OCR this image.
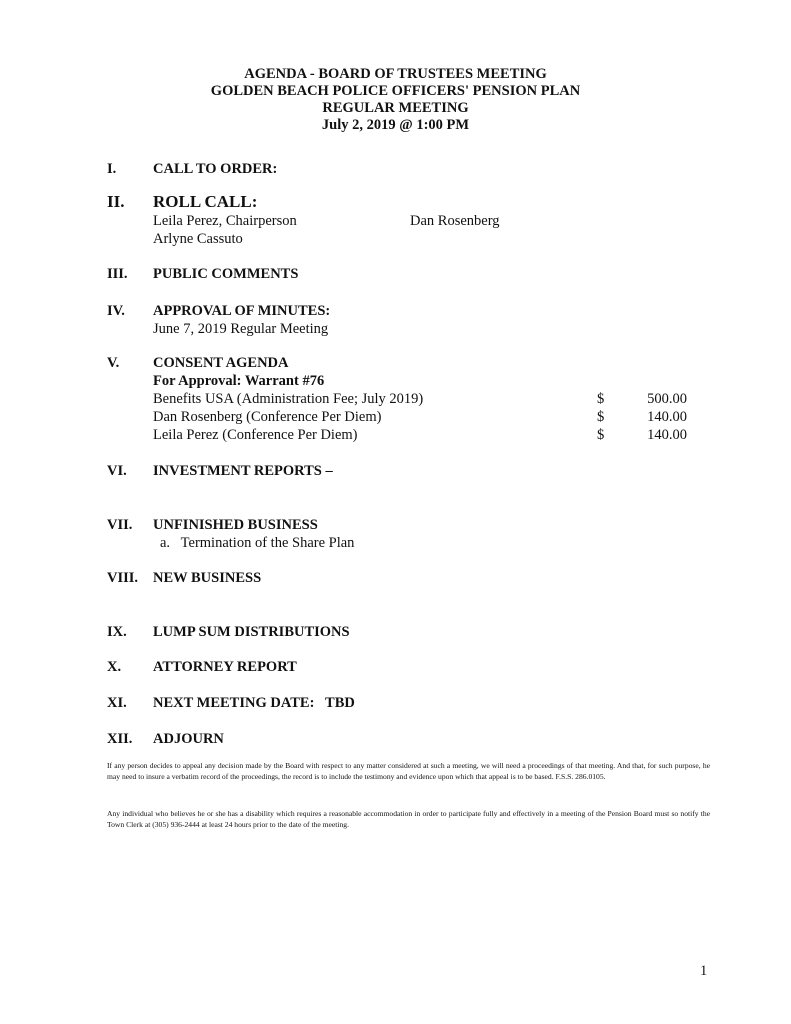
AGENDA - BOARD OF TRUSTEES MEETING
GOLDEN BEACH POLICE OFFICERS' PENSION PLAN
REGULAR MEETING
July 2, 2019 @ 1:00 PM
I.	CALL TO ORDER:
II. ROLL CALL:
Leila Perez, Chairperson	Dan Rosenberg
Arlyne Cassuto
III. PUBLIC COMMENTS
IV. APPROVAL OF MINUTES:
June 7, 2019 Regular Meeting
V. CONSENT AGENDA
For Approval: Warrant #76
Benefits USA (Administration Fee; July 2019)	$	500.00
Dan Rosenberg (Conference Per Diem)	$	140.00
Leila Perez (Conference Per Diem)	$	140.00
VI. INVESTMENT REPORTS –
VII. UNFINISHED BUSINESS
a.   Termination of the Share Plan
VIII. NEW BUSINESS
IX. LUMP SUM DISTRIBUTIONS
X. ATTORNEY REPORT
XI. NEXT MEETING DATE:   TBD
XII. ADJOURN
If any person decides to appeal any decision made by the Board with respect to any matter considered at such a meeting, we will need a proceedings of that meeting. And that, for such purpose, he may need to insure a verbatim record of the proceedings, the record is to include the testimony and evidence upon which that appeal is to be based. F.S.S. 286.0105.
Any individual who believes he or she has a disability which requires a reasonable accommodation in order to participate fully and effectively in a meeting of the Pension Board must so notify the Town Clerk at (305) 936-2444 at least 24 hours prior to the date of the meeting.
1
